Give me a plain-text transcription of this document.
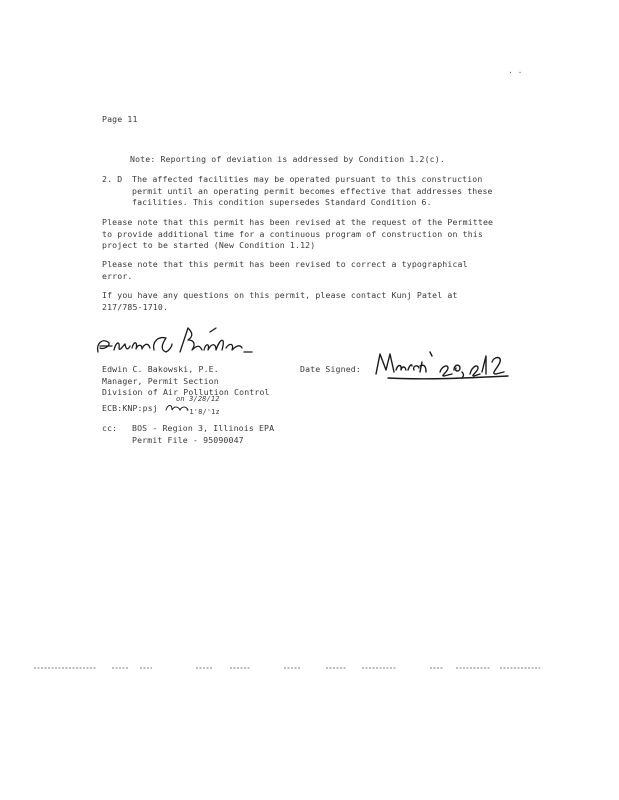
. .
Page 11
Note: Reporting of deviation is addressed by Condition 1.2(c).
2. D The affected facilities may be operated pursuant to this construction
permit until an operating permit becomes effective that addresses these
facilities. This condition supersedes Standard Condition 6.
Please note that this permit has been revised at the request of the Permittee
to provide additional time for a continuous program of construction on this
project to be started (New Condition 1.12)
Please note that this permit has been revised to correct a typographical
error.
If you have any questions on this permit, please contact Kunj Patel at
217/785-1710.
Edwin C. Bakowski, P.E.
Manager, Permit Section
Division of Air Pollution Control
Date Signed:
ECB:KNP:psj	'1'8/'1z
on 3/28/12
cc: BOS - Region 3, Illinois EPA
Permit File - 95090047
